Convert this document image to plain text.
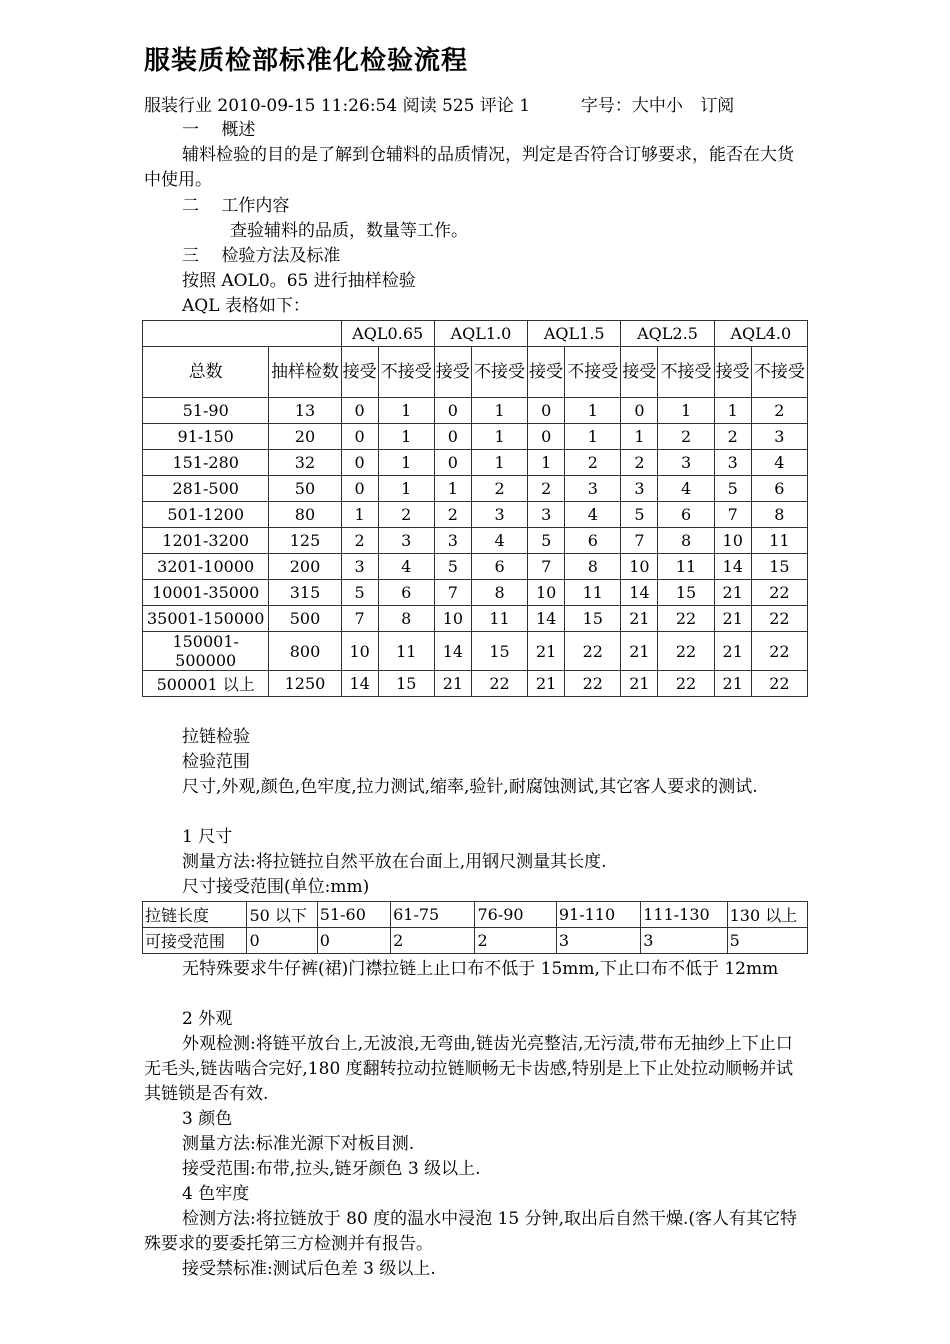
服装质检部标准化检验流程
服装行业 2010-09-15 11:26:54 阅读 525 评论 1	字号：大中小 订阅
一　 概述
辅料检验的目的是了解到仓辅料的品质情况，判定是否符合订够要求，能否在大货中使用。
二　 工作内容
查验辅料的品质，数量等工作。
三　 检验方法及标准
按照 AOL0。65 进行抽样检验
AQL 表格如下：
		AQL0.65		AQL1.0		AQL1.5		AQL2.5		AQL4.0	
总数	抽样检数	接受	不接受	接受	不接受	接受	不接受	接受	不接受	接受	不接受
51-90	13	0	1	0	1	0	1	0	1	1	2
91-150	20	0	1	0	1	0	1	1	2	2	3
151-280	32	0	1	0	1	1	2	2	3	3	4
281-500	50	0	1	1	2	2	3	3	4	5	6
501-1200	80	1	2	2	3	3	4	5	6	7	8
1201-3200	125	2	3	3	4	5	6	7	8	10	11
3201-10000	200	3	4	5	6	7	8	10	11	14	15
10001-35000	315	5	6	7	8	10	11	14	15	21	22
35001-150000	500	7	8	10	11	14	15	21	22	21	22
150001-500000	800	10	11	14	15	21	22	21	22	21	22
500001 以上	1250	14	15	21	22	21	22	21	22	21	22
拉链检验
检验范围
尺寸,外观,颜色,色牢度,拉力测试,缩率,验针,耐腐蚀测试,其它客人要求的测试.
1 尺寸
测量方法:将拉链拉自然平放在台面上,用钢尺测量其长度.
尺寸接受范围(单位:mm)
拉链长度	50 以下	51-60	61-75	76-90	91-110	111-130	130 以上
可接受范围	0	0	2	2	3	3	5
无特殊要求牛仔裤(裙)门襟拉链上止口布不低于 15mm,下止口布不低于 12mm
2 外观
外观检测:将链平放台上,无波浪,无弯曲,链齿光亮整洁,无污渍,带布无抽纱上下止口无毛头,链齿啮合完好,180 度翻转拉动拉链顺畅无卡齿感,特别是上下止处拉动顺畅并试其链锁是否有效.
3 颜色
测量方法:标准光源下对板目测.
接受范围:布带,拉头,链牙颜色 3 级以上.
4 色牢度
检测方法:将拉链放于 80 度的温水中浸泡 15 分钟,取出后自然干燥.(客人有其它特殊要求的要委托第三方检测并有报告。
接受禁标准:测试后色差 3 级以上.
